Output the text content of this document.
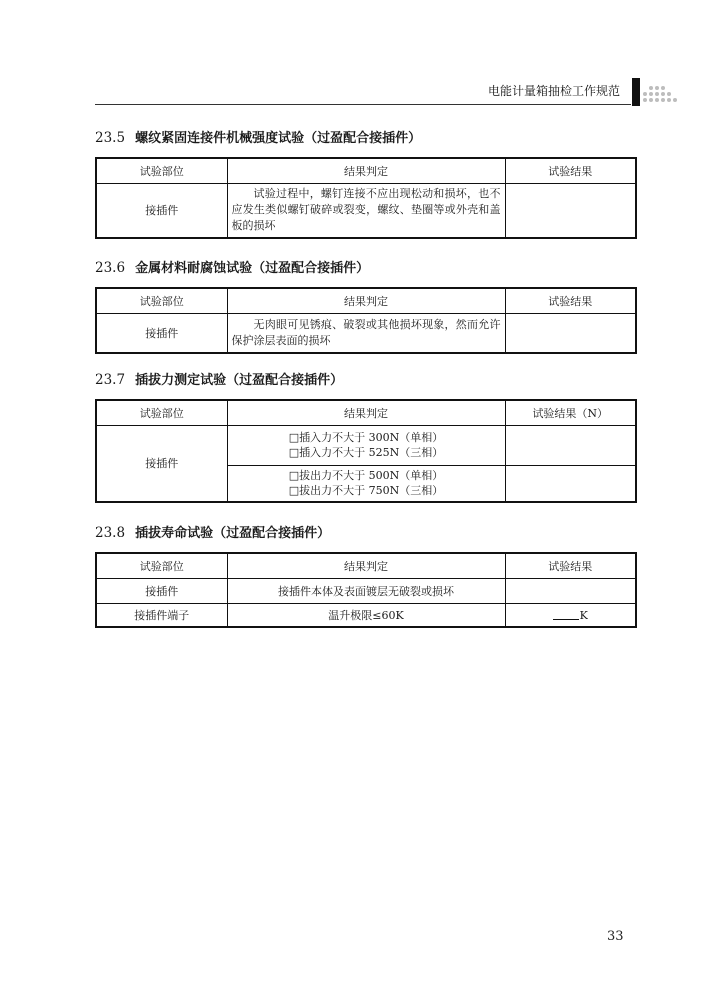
电能计量箱抽检工作规范
23.5 螺纹紧固连接件机械强度试验（过盈配合接插件）
试验部位	结果判定	试验结果
接插件	试验过程中，螺钉连接不应出现松动和损坏，也不应发生类似螺钉破碎或裂变，螺纹、垫圈等或外壳和盖板的损坏	
23.6 金属材料耐腐蚀试验（过盈配合接插件）
试验部位	结果判定	试验结果
接插件	无肉眼可见锈痕、破裂或其他损坏现象，然而允许保护涂层表面的损坏	
23.7 插拔力测定试验（过盈配合接插件）
试验部位	结果判定	试验结果（N）
接插件	□插入力不大于 300N（单相）
□插入力不大于 525N（三相）	

	□拔出力不大于 500N（单相）
□拔出力不大于 750N（三相）	

23.8 插拔寿命试验（过盈配合接插件）
试验部位	结果判定	试验结果
接插件	接插件本体及表面镀层无破裂或损坏	
接插件端子	温升极限≤60K	K
33
